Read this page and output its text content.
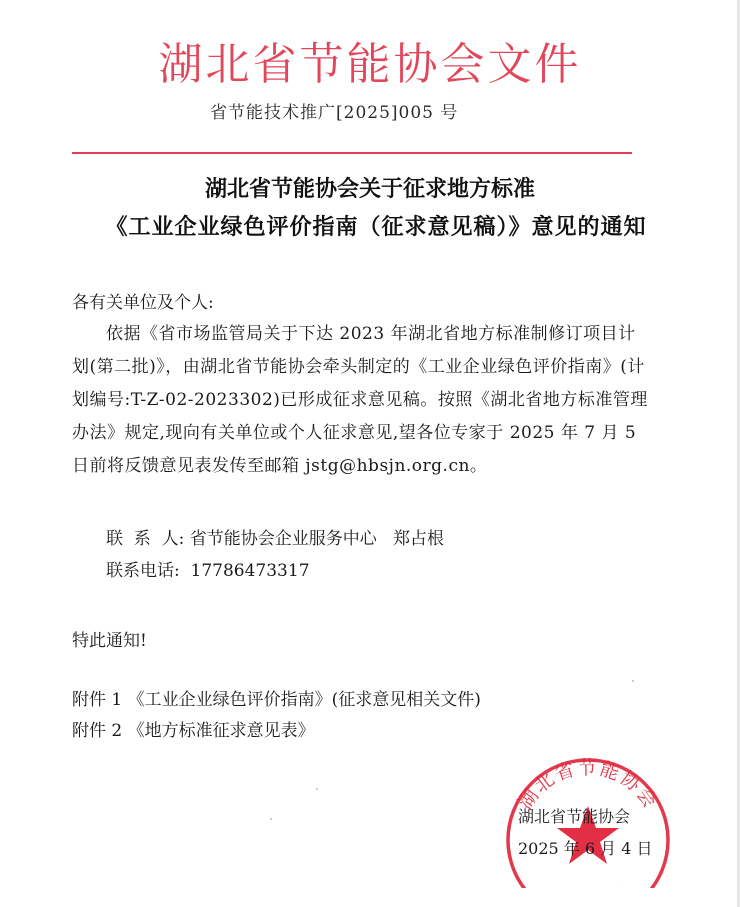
湖北省节能协会文件
省节能技术推广[2025]005 号
湖北省节能协会关于征求地方标准
《工业企业绿色评价指南（征求意见稿）》意见的通知
各有关单位及个人:
依据《省市场监管局关于下达 2023 年湖北省地方标准制修订项目计划(第二批)》，由湖北省节能协会牵头制定的《工业企业绿色评价指南》(计划编号:T-Z-02-2023302)已形成征求意见稿。按照《湖北省地方标准管理办法》规定,现向有关单位或个人征求意见,望各位专家于 2025 年 7 月 5 日前将反馈意见表发传至邮箱 jstg@hbsjn.org.cn。
联  系  人: 省节能协会企业服务中心   郑占根
联系电话:  17786473317
特此通知!
附件 1 《工业企业绿色评价指南》(征求意见相关文件)
附件 2 《地方标准征求意见表》
湖北省节能协会
湖北省节能协会
2025 年 6 月 4 日
